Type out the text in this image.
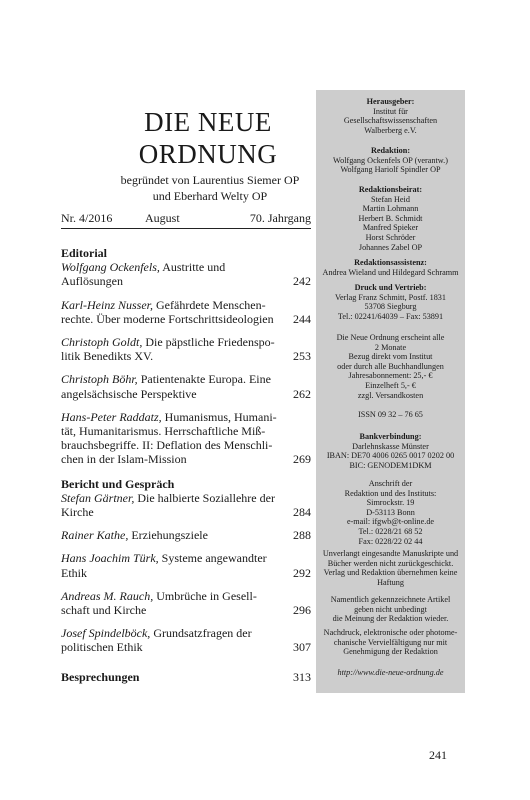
DIE NEUE
ORDNUNG
begründet von Laurentius Siemer OP
und Eberhard Welty OP
Nr. 4/2016	August	70. Jahrgang
Editorial
Wolfgang Ockenfels, Austritte und Auflösungen	242
Karl-Heinz Nusser, Gefährdete Menschen-rechte. Über moderne Fortschrittsideologien 244
Christoph Goldt, Die päpstliche Friedenspo-litik Benedikts XV.	253
Christoph Böhr, Patientenakte Europa. Eine angelsächsische Perspektive	262
Hans-Peter Raddatz, Humanismus, Humani-tät, Humanitarismus. Herrschaftliche Miß-brauchsbegriffe. II: Deflation des Menschli-chen in der Islam-Mission	269
Bericht und Gespräch
Stefan Gärtner, Die halbierte Soziallehre der Kirche	284
Rainer Kathe, Erziehungsziele	288
Hans Joachim Türk, Systeme angewandter Ethik	292
Andreas M. Rauch, Umbrüche in Gesell-schaft und Kirche	296
Josef Spindelböck, Grundsatzfragen der politischen Ethik	307
Besprechungen	313
Herausgeber:
Institut für
Gesellschaftswissenschaften
Walberberg e.V.
Redaktion:
Wolfgang Ockenfels OP (verantw.)
Wolfgang Hariolf Spindler OP
Redaktionsbeirat:
Stefan Heid
Martin Lohmann
Herbert B. Schmidt
Manfred Spieker
Horst Schröder
Johannes Zabel OP
Redaktionsassistenz:
Andrea Wieland und Hildegard Schramm
Druck und Vertrieb:
Verlag Franz Schmitt, Postf. 1831
53708 Siegburg
Tel.: 02241/64039 – Fax: 53891
Die Neue Ordnung erscheint alle
2 Monate
Bezug direkt vom Institut
oder durch alle Buchhandlungen
Jahresabonnement: 25,- €
Einzelheft 5,- €
zzgl. Versandkosten
ISSN 09 32 – 76 65
Bankverbindung:
Darlehnskasse Münster
IBAN: DE70 4006 0265 0017 0202 00
BIC: GENODEM1DKM
Anschrift der
Redaktion und des Instituts:
Simrockstr. 19
D-53113 Bonn
e-mail: ifgwb@t-online.de
Tel.: 0228/21 68 52
Fax: 0228/22 02 44
Unverlangt eingesandte Manuskripte und
Bücher werden nicht zurückgeschickt.
Verlag und Redaktion übernehmen keine
Haftung
Namentlich gekennzeichnete Artikel
geben nicht unbedingt
die Meinung der Redaktion wieder.
Nachdruck, elektronische oder photome-
chanische Vervielfältigung nur mit
Genehmigung der Redaktion
http://www.die-neue-ordnung.de
241
